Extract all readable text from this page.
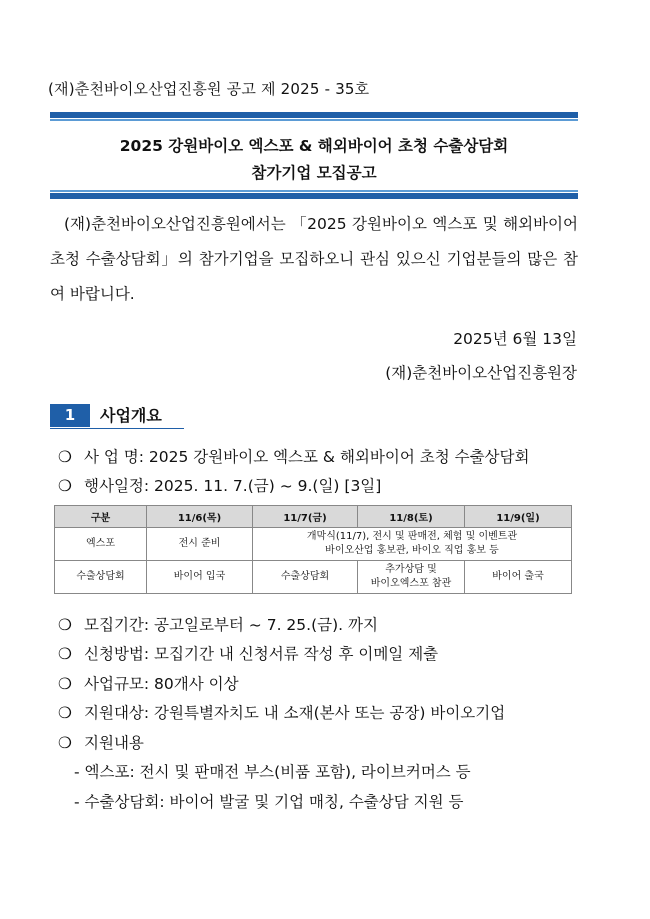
(재)춘천바이오산업진흥원 공고 제 2025 - 35호
2025 강원바이오 엑스포 & 해외바이어 초청 수출상담회
참가기업 모집공고

(재)춘천바이오산업진흥원에서는 「2025 강원바이오 엑스포 및 해외바이어 초청 수출상담회」의 참가기업을 모집하오니 관심 있으신 기업분들의 많은 참여 바랍니다.

2025년 6월 13일
(재)춘천바이오산업진흥원장
1	사업개요
❍ 사 업 명: 2025 강원바이오 엑스포 & 해외바이어 초청 수출상담회
❍ 행사일정: 2025. 11. 7.(금) ~ 9.(일) [3일]
구분	11/6(목)	11/7(금)	11/8(토)	11/9(일)
엑스포	전시 준비	개막식(11/7), 전시 및 판매전, 체험 및 이벤트관
바이오산업 홍보관, 바이오 직업 홍보 등		

수출상담회	바이어 입국	수출상담회	추가상담 및
바이오엑스포 참관	바이어 출국
❍ 모집기간: 공고일로부터 ~ 7. 25.(금). 까지
❍ 신청방법: 모집기간 내 신청서류 작성 후 이메일 제출
❍ 사업규모: 80개사 이상
❍ 지원대상: 강원특별자치도 내 소재(본사 또는 공장) 바이오기업
❍ 지원내용
- 엑스포: 전시 및 판매전 부스(비품 포함), 라이브커머스 등
- 수출상담회: 바이어 발굴 및 기업 매칭, 수출상담 지원 등
